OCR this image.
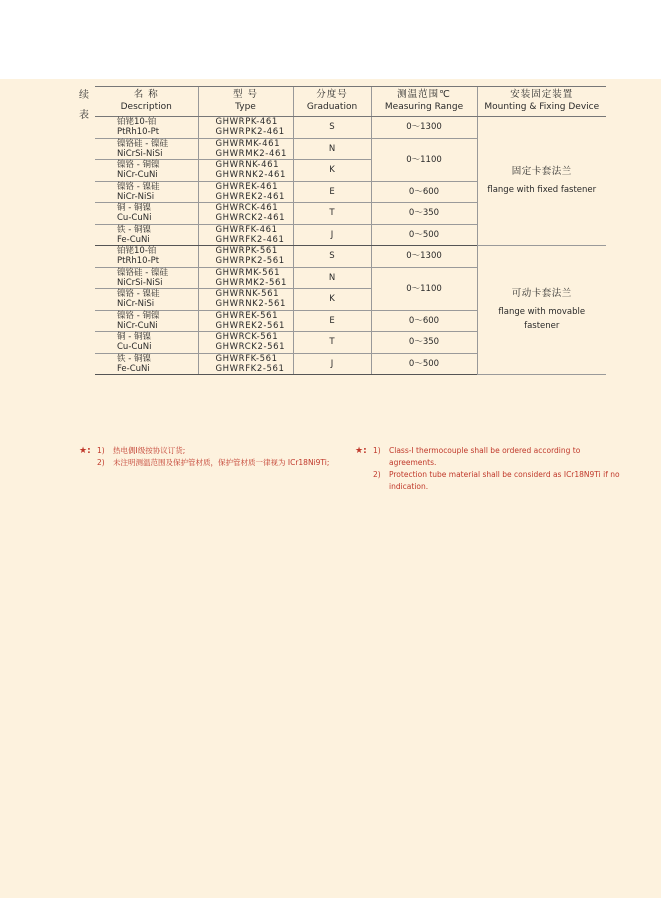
续
表
名 称
Description	型 号
Type	分度号
Graduation	测温范围℃
Measuring Range	安装固定装置
Mounting & Fixing Device

铂铑10-铂
PtRh10-Pt	GHWRPK-461
GHWRPK2-461	S	0～1300	固定卡套法兰
flange with fixed fastener

镍铬硅 - 镍硅
NiCrSi-NiSi	GHWRMK-461
GHWRMK2-461	N	0～1100	

镍铬 - 铜镍
NiCr-CuNi	GHWRNK-461
GHWRNK2-461	K		

镍铬 - 镍硅
NiCr-NiSi	GHWREK-461
GHWREK2-461	E	0～600	

铜 - 铜镍
Cu-CuNi	GHWRCK-461
GHWRCK2-461	T	0～350	

铁 - 铜镍
Fe-CuNi	GHWRFK-461
GHWRFK2-461	J	0～500	

铂铑10-铂
PtRh10-Pt	GHWRPK-561
GHWRPK2-561	S	0～1300	可动卡套法兰
flange with movable fastener

镍铬硅 - 镍硅
NiCrSi-NiSi	GHWRMK-561
GHWRMK2-561	N	0～1100	

镍铬 - 镍硅
NiCr-NiSi	GHWRNK-561
GHWRNK2-561	K		

镍铬 - 铜镍
NiCr-CuNi	GHWREK-561
GHWREK2-561	E	0～600	

铜 - 铜镍
Cu-CuNi	GHWRCK-561
GHWRCK2-561	T	0～350	

铁 - 铜镍
Fe-CuNi	GHWRFK-561
GHWRFK2-561	J	0～500	
★: 1)	热电偶Ⅰ级按协议订货;
2)	未注明测温范围及保护管材质，保护管材质一律视为 ICr18Ni9Ti;
★: 1)	Class-Ⅰ thermocouple shall be ordered according to agreements.
2)	Protection tube material shall be considerd as ICr18N9Ti if no indication.
